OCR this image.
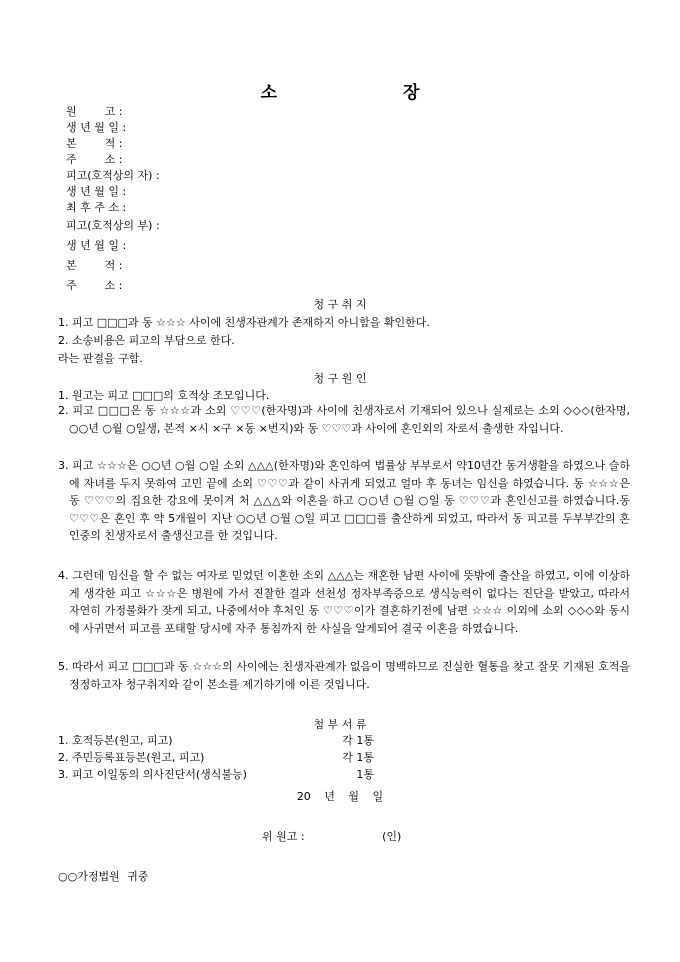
소	장
원        고 :
생 년 월 일 :
본        적 :
주        소 :
피고(호적상의 자) :
생 년 월 일 :
최 후 주 소 :
피고(호적상의 부) :
생 년 월 일 :
본        적 :
주        소 :
청 구 취 지
1. 피고 □□□과 동 ☆☆☆ 사이에 친생자관계가 존재하지 아니함을 확인한다.
2. 소송비용은 피고의 부담으로 한다.
라는 판결을 구함.
청 구 원 인
1. 원고는 피고 □□□의 호적상 조모입니다.
2. 피고 □□□은 동 ☆☆☆과 소외 ♡♡♡(한자명)과 사이에 친생자로서 기재되어 있으나 실제로는 소외 ◇◇◇(한자명, ○○년 ○월 ○일생, 본적 ×시 ×구 ×동 ×번지)와 동 ♡♡♡과 사이에 혼인외의 자로서 출생한 자입니다.
3. 피고 ☆☆☆은 ○○년 ○월 ○일 소외 △△△(한자명)와 혼인하여 법률상 부부로서 약10년간 동거생활을 하였으나 슬하에 자녀를 두지 못하여 고민 끝에 소외 ♡♡♡과 같이 사귀게 되었고 얼마 후 동녀는 임신을 하였습니다. 동 ☆☆☆은 동 ♡♡♡의 집요한 강요에 못이겨 처 △△△와 이혼을 하고 ○○년 ○월 ○일 동 ♡♡♡과 혼인신고를 하였습니다.동 ♡♡♡은 혼인 후 약 5개월이 지난 ○○년 ○월 ○일 피고 □□□를 출산하게 되었고, 따라서 동 피고를 두부부간의 혼인중의 친생자로서 출생신고를 한 것입니다.
4. 그런데 임신을 할 수 없는 여자로 믿었던 이혼한 소외 △△△는 재혼한 남편 사이에 뜻밖에 출산을 하였고, 이에 이상하게 생각한 피고 ☆☆☆은 병원에 가서 진찰한 결과 선천성 정자부족증으로 생식능력이 없다는 진단을 받았고, 따라서 자연히 가정불화가 잦게 되고, 나중에서야 후처인 동 ♡♡♡이가 결혼하기전에 남편 ☆☆☆ 이외에 소외 ◇◇◇와 동시에 사귀면서 피고를 포태할 당시에 자주 통침까지 한 사실을 알게되어 결국 이혼을 하였습니다.
5. 따라서 피고 □□□과 동 ☆☆☆의 사이에는 친생자관계가 없음이 명백하므로 진실한 혈통을 찾고 잘못 기재된 호적을 정정하고자 청구취지와 같이 본소를 제기하기에 이른 것입니다.
첨 부 서 류
1. 호적등본(원고, 피고)	각 1통
2. 주민등록표등본(원고, 피고)	각 1통
3. 피고 이일동의 의사진단서(생식불능)	1통
20 년 월 일
위 원고 :	(인)
○○가정법원 귀중
